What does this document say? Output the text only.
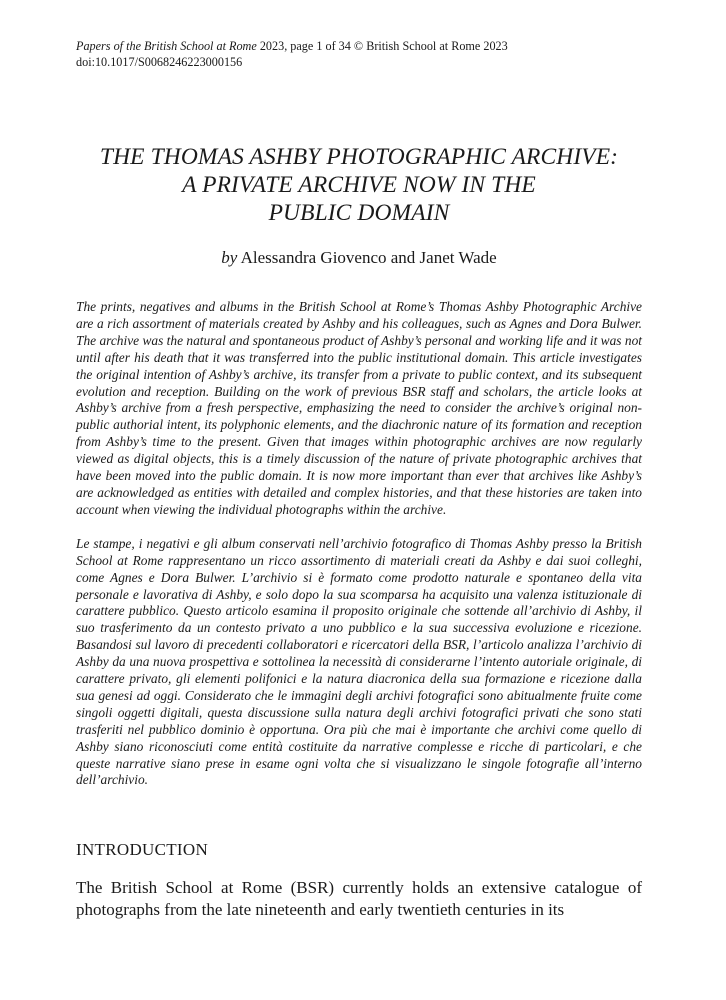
Papers of the British School at Rome 2023, page 1 of 34 © British School at Rome 2023

doi:10.1017/S0068246223000156

THE THOMAS ASHBY PHOTOGRAPHIC ARCHIVE:
A PRIVATE ARCHIVE NOW IN THE
PUBLIC DOMAIN

by Alessandra Giovenco and Janet Wade

The prints, negatives and albums in the British School at Rome’s Thomas Ashby Photographic Archive are a rich assortment of materials created by Ashby and his colleagues, such as Agnes and Dora Bulwer. The archive was the natural and spontaneous product of Ashby’s personal and working life and it was not until after his death that it was transferred into the public institutional domain. This article investigates the original intention of Ashby’s archive, its transfer from a private to public context, and its subsequent evolution and reception. Building on the work of previous BSR staff and scholars, the article looks at Ashby’s archive from a fresh perspective, emphasizing the need to consider the archive’s original non-public authorial intent, its polyphonic elements, and the diachronic nature of its formation and reception from Ashby’s time to the present. Given that images within photographic archives are now regularly viewed as digital objects, this is a timely discussion of the nature of private photographic archives that have been moved into the public domain. It is now more important than ever that archives like Ashby’s are acknowledged as entities with detailed and complex histories, and that these histories are taken into account when viewing the individual photographs within the archive.

Le stampe, i negativi e gli album conservati nell’archivio fotografico di Thomas Ashby presso la British School at Rome rappresentano un ricco assortimento di materiali creati da Ashby e dai suoi colleghi, come Agnes e Dora Bulwer. L’archivio si è formato come prodotto naturale e spontaneo della vita personale e lavorativa di Ashby, e solo dopo la sua scomparsa ha acquisito una valenza istituzionale di carattere pubblico. Questo articolo esamina il proposito originale che sottende all’archivio di Ashby, il suo trasferimento da un contesto privato a uno pubblico e la sua successiva evoluzione e ricezione. Basandosi sul lavoro di precedenti collaboratori e ricercatori della BSR, l’articolo analizza l’archivio di Ashby da una nuova prospettiva e sottolinea la necessità di considerarne l’intento autoriale originale, di carattere privato, gli elementi polifonici e la natura diacronica della sua formazione e ricezione dalla sua genesi ad oggi. Considerato che le immagini degli archivi fotografici sono abitualmente fruite come singoli oggetti digitali, questa discussione sulla natura degli archivi fotografici privati che sono stati trasferiti nel pubblico dominio è opportuna. Ora più che mai è importante che archivi come quello di Ashby siano riconosciuti come entità costituite da narrative complesse e ricche di particolari, e che queste narrative siano prese in esame ogni volta che si visualizzano le singole fotografie all’interno dell’archivio.

INTRODUCTION

The British School at Rome (BSR) currently holds an extensive catalogue of photographs from the late nineteenth and early twentieth centuries in its
